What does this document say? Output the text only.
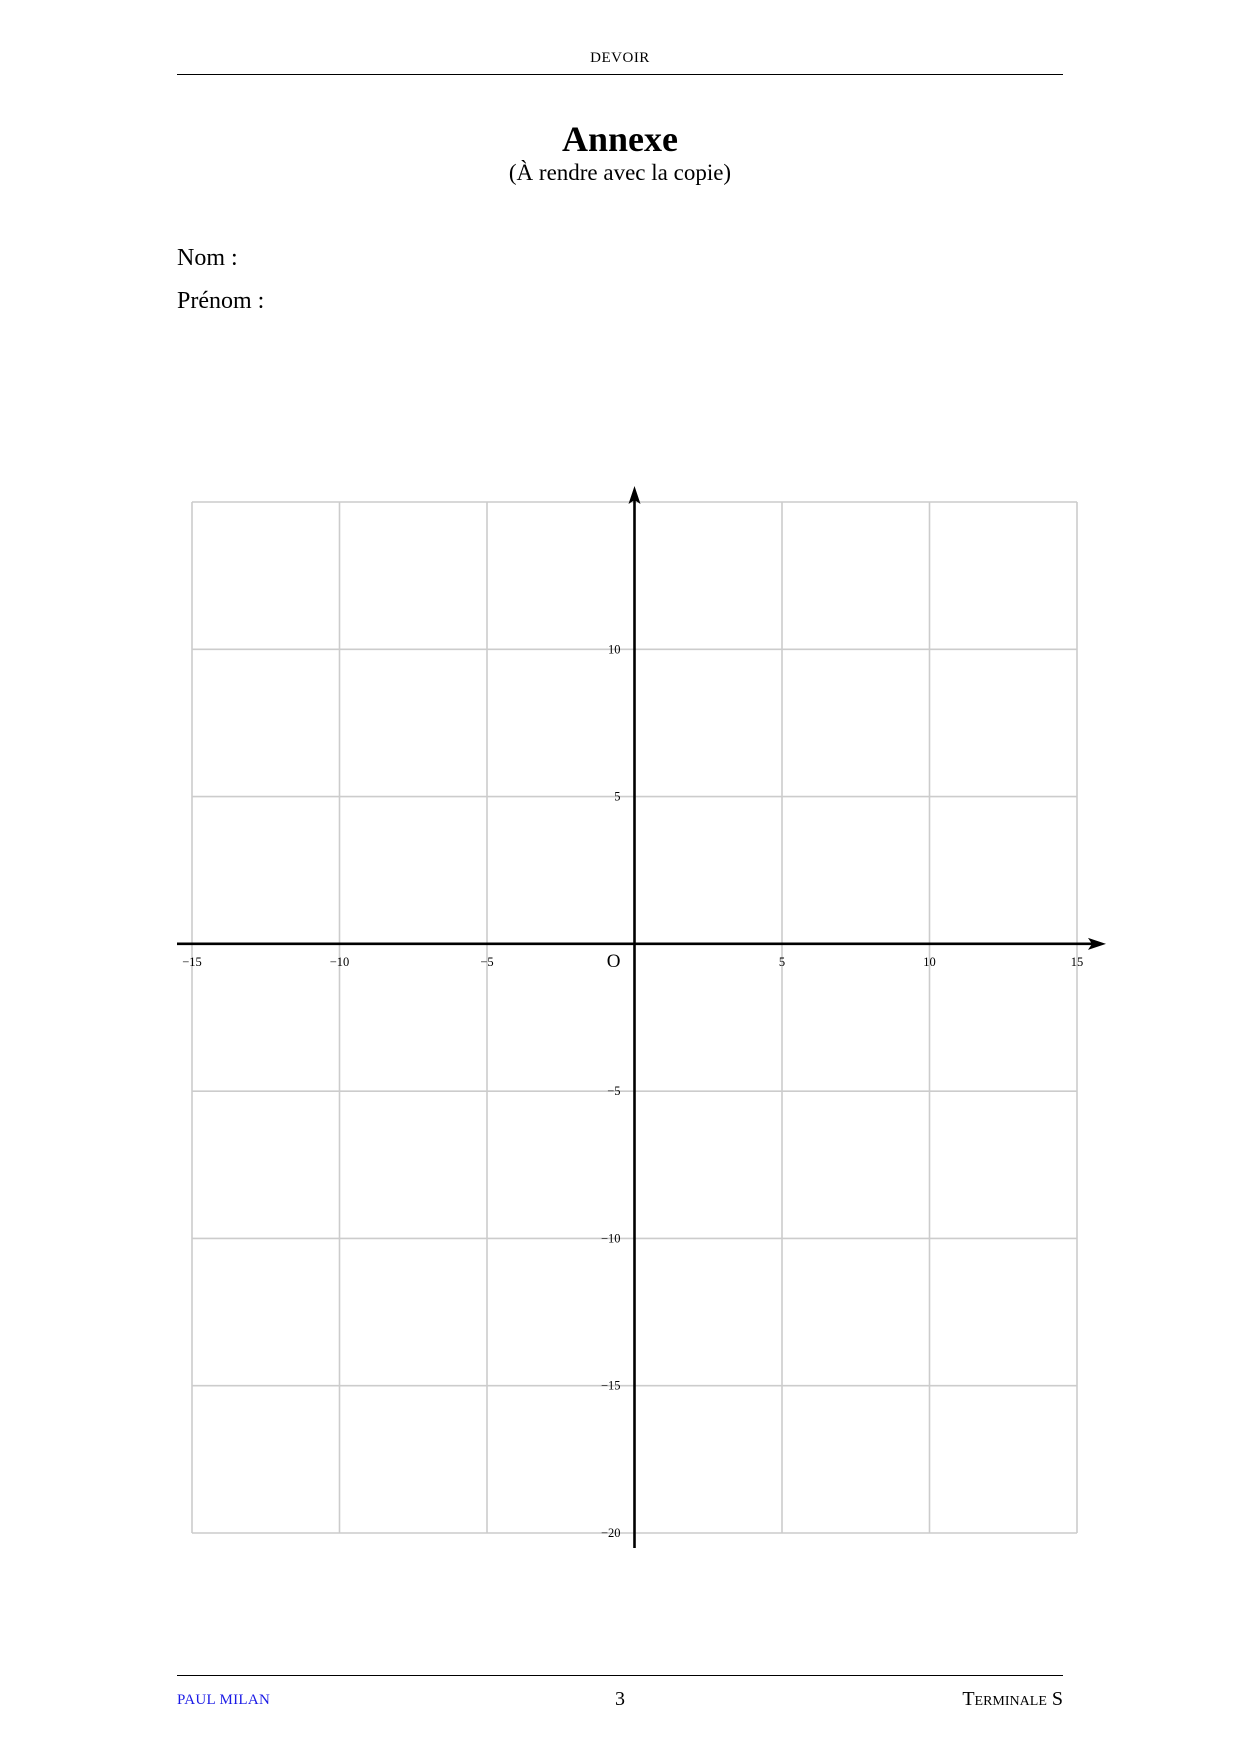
DEVOIR
Annexe
(À rendre avec la copie)
Nom :
Prénom :
−15	−10	−5	5	10	15
10
5
−5
−10
−15
−20
O
PAUL MILAN	3	Terminale S
